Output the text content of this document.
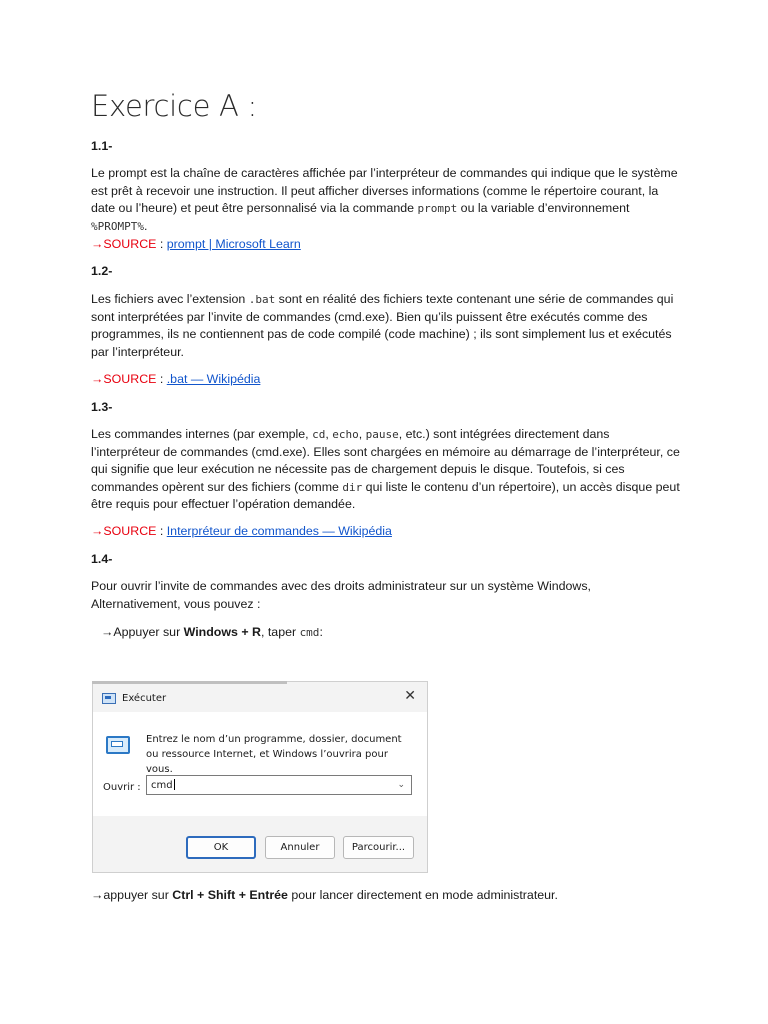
Exercice A :
1.1-
Le prompt est la chaîne de caractères affichée par l’interpréteur de commandes qui indique que le système est prêt à recevoir une instruction. Il peut afficher diverses informations (comme le répertoire courant, la date ou l’heure) et peut être personnalisé via la commande prompt ou la variable d’environnement %PROMPT%.
→SOURCE : prompt | Microsoft Learn
1.2-
Les fichiers avec l’extension .bat sont en réalité des fichiers texte contenant une série de commandes qui sont interprétées par l’invite de commandes (cmd.exe). Bien qu’ils puissent être exécutés comme des programmes, ils ne contiennent pas de code compilé (code machine) ; ils sont simplement lus et exécutés par l’interpréteur.
→SOURCE : .bat — Wikipédia
1.3-
Les commandes internes (par exemple, cd, echo, pause, etc.) sont intégrées directement dans l’interpréteur de commandes (cmd.exe). Elles sont chargées en mémoire au démarrage de l’interpréteur, ce qui signifie que leur exécution ne nécessite pas de chargement depuis le disque. Toutefois, si ces commandes opèrent sur des fichiers (comme dir qui liste le contenu d’un répertoire), un accès disque peut être requis pour effectuer l’opération demandée.
→SOURCE : Interpréteur de commandes — Wikipédia
1.4-
Pour ouvrir l’invite de commandes avec des droits administrateur sur un système Windows, Alternativement, vous pouvez :
→Appuyer sur Windows + R, taper cmd:
→appuyer sur Ctrl + Shift + Entrée pour lancer directement en mode administrateur.
Exécuter	✕
Entrez le nom d’un programme, dossier, document ou ressource Internet, et Windows l’ouvrira pour vous.
Ouvrir :	cmd	⌄
OK	Annuler	Parcourir...
